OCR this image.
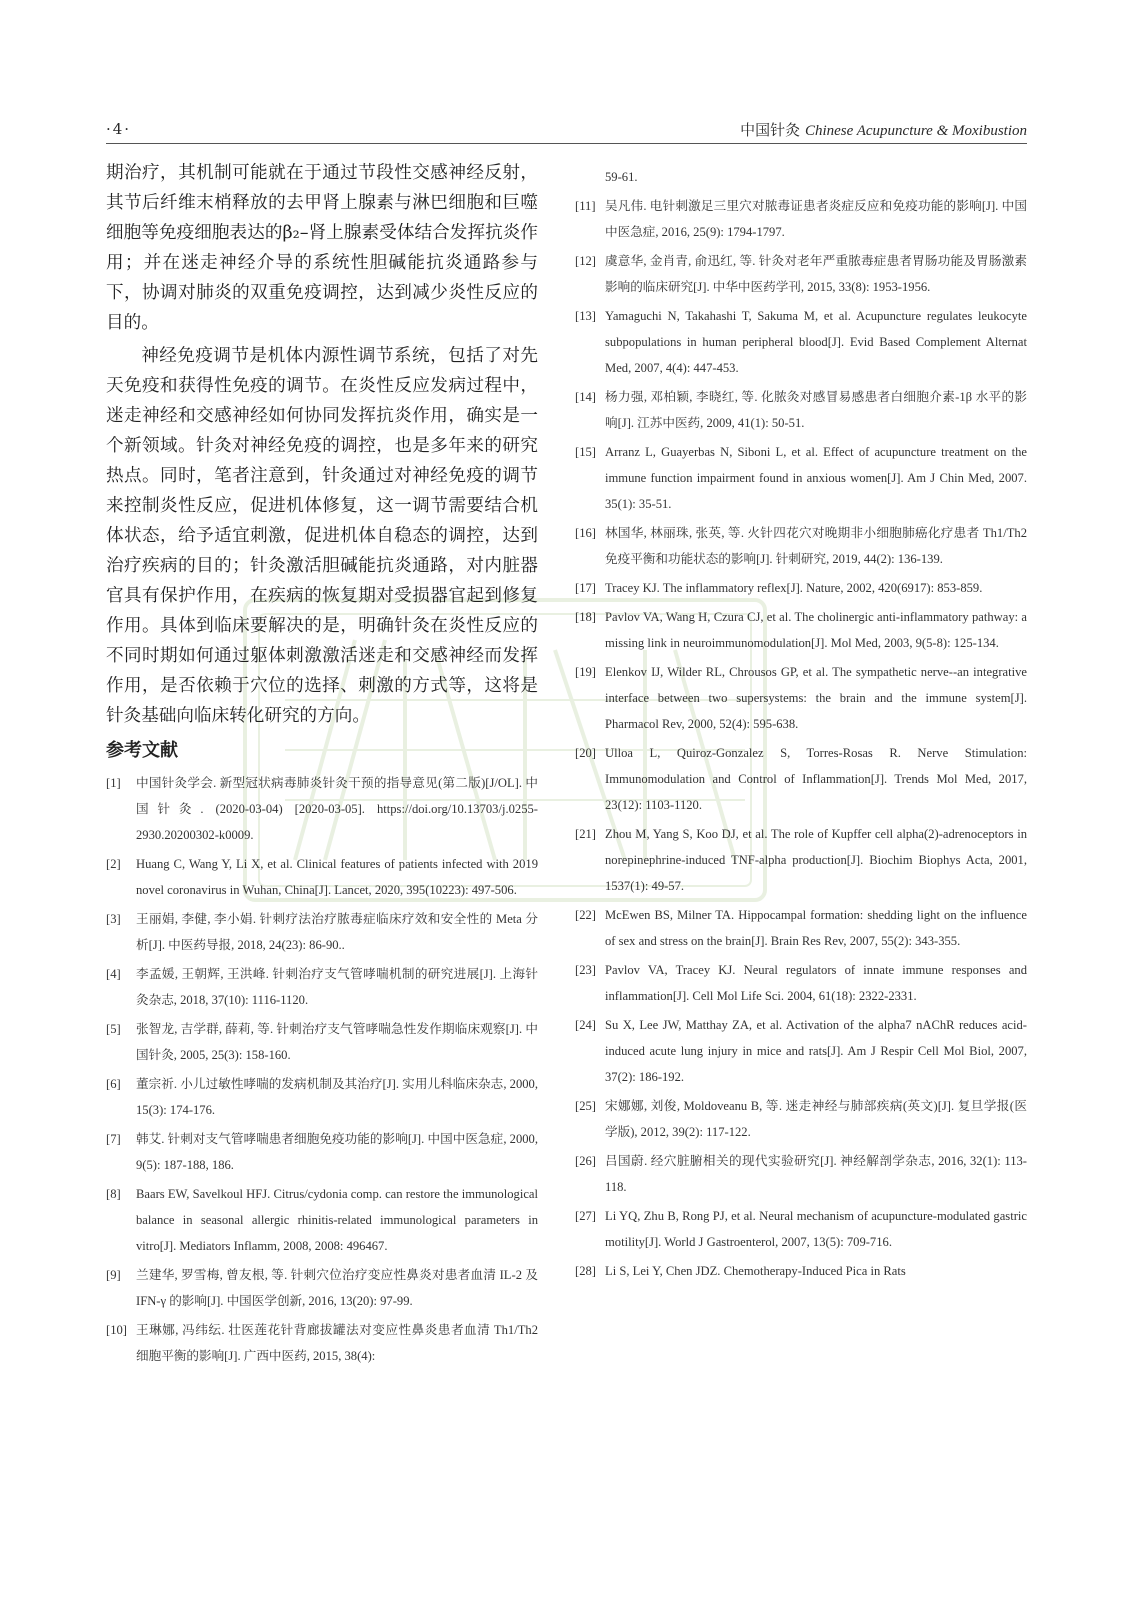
·4·	中国针灸 Chinese Acupuncture & Moxibustion

期治疗，其机制可能就在于通过节段性交感神经反射，其节后纤维末梢释放的去甲肾上腺素与淋巴细胞和巨噬细胞等免疫细胞表达的β₂–肾上腺素受体结合发挥抗炎作用；并在迷走神经介导的系统性胆碱能抗炎通路参与下，协调对肺炎的双重免疫调控，达到减少炎性反应的目的。

神经免疫调节是机体内源性调节系统，包括了对先天免疫和获得性免疫的调节。在炎性反应发病过程中，迷走神经和交感神经如何协同发挥抗炎作用，确实是一个新领域。针灸对神经免疫的调控，也是多年来的研究热点。同时，笔者注意到，针灸通过对神经免疫的调节来控制炎性反应，促进机体修复，这一调节需要结合机体状态，给予适宜刺激，促进机体自稳态的调控，达到治疗疾病的目的；针灸激活胆碱能抗炎通路，对内脏器官具有保护作用，在疾病的恢复期对受损器官起到修复作用。具体到临床要解决的是，明确针灸在炎性反应的不同时期如何通过躯体刺激激活迷走和交感神经而发挥作用，是否依赖于穴位的选择、刺激的方式等，这将是针灸基础向临床转化研究的方向。

参考文献
[1] 中国针灸学会. 新型冠状病毒肺炎针灸干预的指导意见(第二版)[J/OL]. 中国针灸. (2020-03-04) [2020-03-05]. https://doi.org/10.13703/j.0255-2930.20200302-k0009.
[2] Huang C, Wang Y, Li X, et al. Clinical features of patients infected with 2019 novel coronavirus in Wuhan, China[J]. Lancet, 2020, 395(10223): 497-506.
[3] 王丽娟, 李健, 李小娟. 针刺疗法治疗脓毒症临床疗效和安全性的 Meta 分析[J]. 中医药导报, 2018, 24(23): 86-90..
[4] 李孟媛, 王朝辉, 王洪峰. 针刺治疗支气管哮喘机制的研究进展[J]. 上海针灸杂志, 2018, 37(10): 1116-1120.
[5] 张智龙, 吉学群, 薛莉, 等. 针刺治疗支气管哮喘急性发作期临床观察[J]. 中国针灸, 2005, 25(3): 158-160.
[6] 董宗祈. 小儿过敏性哮喘的发病机制及其治疗[J]. 实用儿科临床杂志, 2000, 15(3): 174-176.
[7] 韩艾. 针刺对支气管哮喘患者细胞免疫功能的影响[J]. 中国中医急症, 2000, 9(5): 187-188, 186.
[8] Baars EW, Savelkoul HFJ. Citrus/cydonia comp. can restore the immunological balance in seasonal allergic rhinitis-related immunological parameters in vitro[J]. Mediators Inflamm, 2008, 2008: 496467.
[9] 兰建华, 罗雪梅, 曾友根, 等. 针刺穴位治疗变应性鼻炎对患者血清 IL-2 及 IFN-γ 的影响[J]. 中国医学创新, 2016, 13(20): 97-99.
[10] 王琳娜, 冯纬纭. 壮医莲花针背廊拔罐法对变应性鼻炎患者血清 Th1/Th2 细胞平衡的影响[J]. 广西中医药, 2015, 38(4):
59-61.
[11] 吴凡伟. 电针刺激足三里穴对脓毒证患者炎症反应和免疫功能的影响[J]. 中国中医急症, 2016, 25(9): 1794-1797.
[12] 虞意华, 金肖青, 俞迅红, 等. 针灸对老年严重脓毒症患者胃肠功能及胃肠激素影响的临床研究[J]. 中华中医药学刊, 2015, 33(8): 1953-1956.
[13] Yamaguchi N, Takahashi T, Sakuma M, et al. Acupuncture regulates leukocyte subpopulations in human peripheral blood[J]. Evid Based Complement Alternat Med, 2007, 4(4): 447-453.
[14] 杨力强, 邓柏颖, 李晓红, 等. 化脓灸对感冒易感患者白细胞介素-1β 水平的影响[J]. 江苏中医药, 2009, 41(1): 50-51.
[15] Arranz L, Guayerbas N, Siboni L, et al. Effect of acupuncture treatment on the immune function impairment found in anxious women[J]. Am J Chin Med, 2007. 35(1): 35-51.
[16] 林国华, 林丽珠, 张英, 等. 火针四花穴对晚期非小细胞肺癌化疗患者 Th1/Th2 免疫平衡和功能状态的影响[J]. 针刺研究, 2019, 44(2): 136-139.
[17] Tracey KJ. The inflammatory reflex[J]. Nature, 2002, 420(6917): 853-859.
[18] Pavlov VA, Wang H, Czura CJ, et al. The cholinergic anti-inflammatory pathway: a missing link in neuroimmunomodulation[J]. Mol Med, 2003, 9(5-8): 125-134.
[19] Elenkov IJ, Wilder RL, Chrousos GP, et al. The sympathetic nerve--an integrative interface between two supersystems: the brain and the immune system[J]. Pharmacol Rev, 2000, 52(4): 595-638.
[20] Ulloa L, Quiroz-Gonzalez S, Torres-Rosas R. Nerve Stimulation: Immunomodulation and Control of Inflammation[J]. Trends Mol Med, 2017, 23(12): 1103-1120.
[21] Zhou M, Yang S, Koo DJ, et al. The role of Kupffer cell alpha(2)-adrenoceptors in norepinephrine-induced TNF-alpha production[J]. Biochim Biophys Acta, 2001, 1537(1): 49-57.
[22] McEwen BS, Milner TA. Hippocampal formation: shedding light on the influence of sex and stress on the brain[J]. Brain Res Rev, 2007, 55(2): 343-355.
[23] Pavlov VA, Tracey KJ. Neural regulators of innate immune responses and inflammation[J]. Cell Mol Life Sci. 2004, 61(18): 2322-2331.
[24] Su X, Lee JW, Matthay ZA, et al. Activation of the alpha7 nAChR reduces acid-induced acute lung injury in mice and rats[J]. Am J Respir Cell Mol Biol, 2007, 37(2): 186-192.
[25] 宋娜娜, 刘俊, Moldoveanu B, 等. 迷走神经与肺部疾病(英文)[J]. 复旦学报(医学版), 2012, 39(2): 117-122.
[26] 吕国蔚. 经穴脏腑相关的现代实验研究[J]. 神经解剖学杂志, 2016, 32(1): 113-118.
[27] Li YQ, Zhu B, Rong PJ, et al. Neural mechanism of acupuncture-modulated gastric motility[J]. World J Gastroenterol, 2007, 13(5): 709-716.
[28] Li S, Lei Y, Chen JDZ. Chemotherapy-Induced Pica in Rats
